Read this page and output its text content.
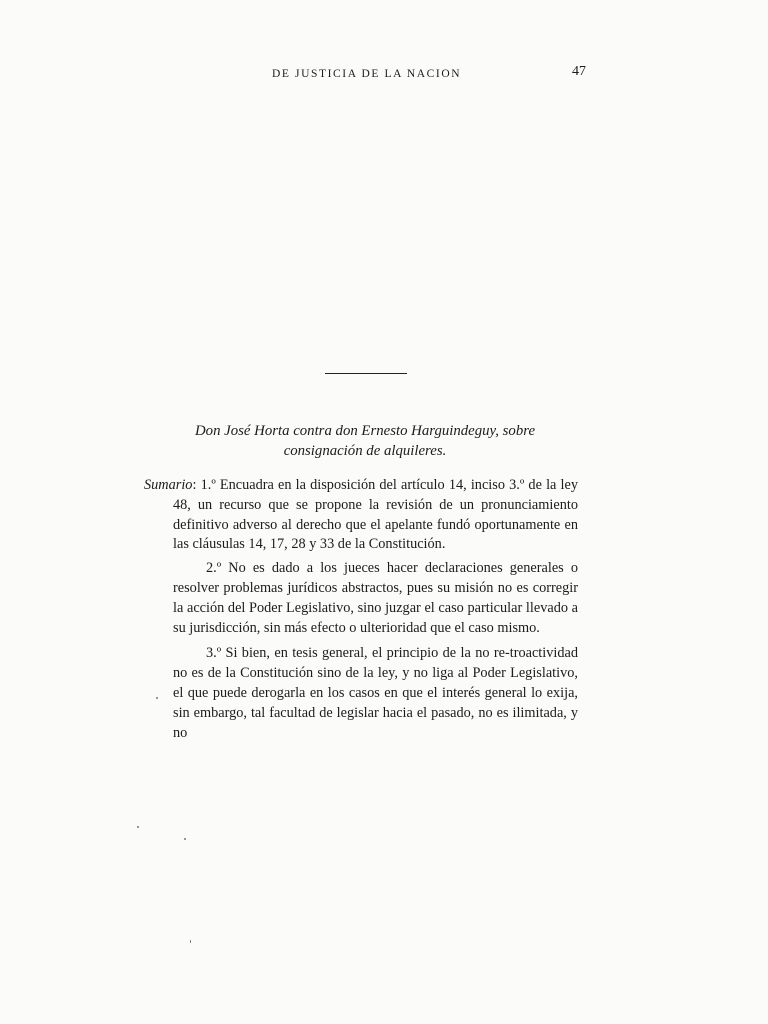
DE JUSTICIA DE LA NACION	47
Don José Horta contra don Ernesto Harguindeguy, sobre
consignación de alquileres.

Sumario: 1.º Encuadra en la disposición del artículo 14, inciso 3.º de la ley 48, un recurso que se propone la revisión de un pronunciamiento definitivo adverso al derecho que el apelante fundó oportunamente en las cláusulas 14, 17, 28 y 33 de la Constitución.

2.º No es dado a los jueces hacer declaraciones generales o resolver problemas jurídicos abstractos, pues su misión no es corregir la acción del Poder Legislativo, sino juzgar el caso particular llevado a su jurisdicción, sin más efecto o ulterioridad que el caso mismo.

3.º Si bien, en tesis general, el principio de la no re-troactividad no es de la Constitución sino de la ley, y no liga al Poder Legislativo, el que puede derogarla en los casos en que el interés general lo exija, sin embargo, tal facultad de legislar hacia el pasado, no es ilimitada, y no
